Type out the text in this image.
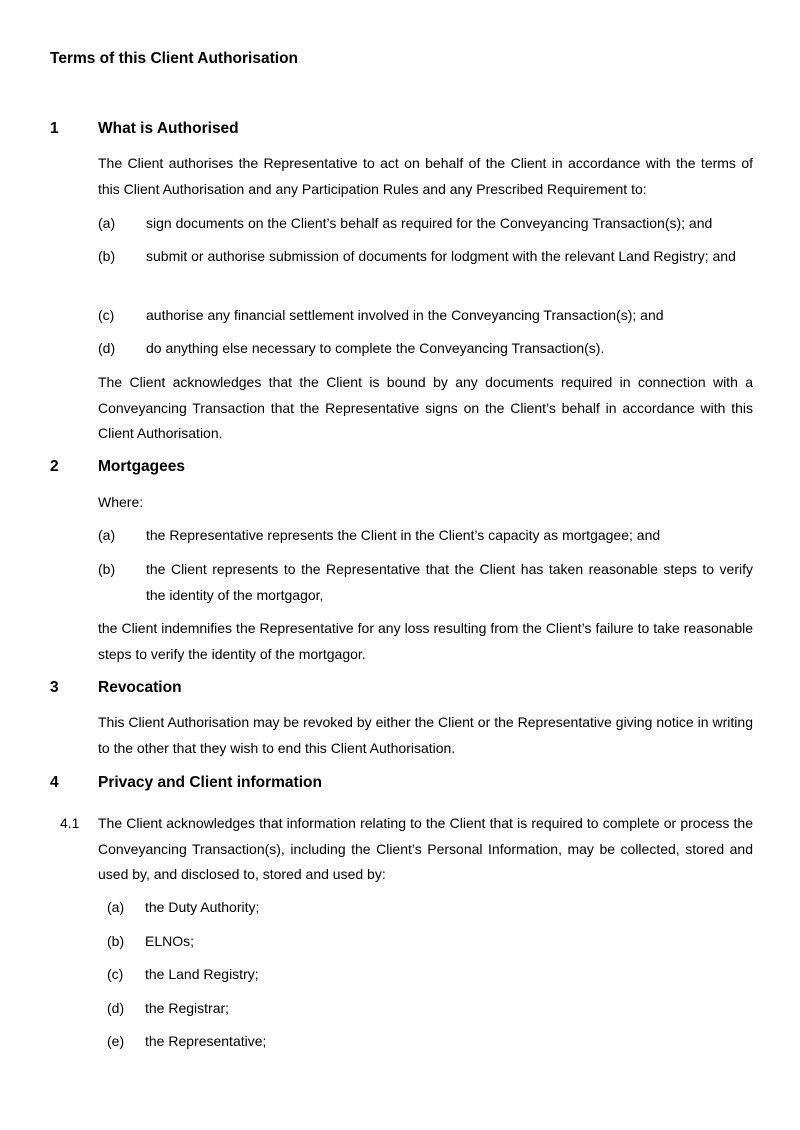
Terms of this Client Authorisation
1	What is Authorised
The Client authorises the Representative to act on behalf of the Client in accordance with the terms of this Client Authorisation and any Participation Rules and any Prescribed Requirement to:
(a) sign documents on the Client’s behalf as required for the Conveyancing Transaction(s); and
(b) submit or authorise submission of documents for lodgment with the relevant Land Registry; and
(c) authorise any financial settlement involved in the Conveyancing Transaction(s); and
(d) do anything else necessary to complete the Conveyancing Transaction(s).
The Client acknowledges that the Client is bound by any documents required in connection with a Conveyancing Transaction that the Representative signs on the Client’s behalf in accordance with this Client Authorisation.
2	Mortgagees
Where:
(a) the Representative represents the Client in the Client’s capacity as mortgagee; and
(b) the Client represents to the Representative that the Client has taken reasonable steps to verify the identity of the mortgagor,
the Client indemnifies the Representative for any loss resulting from the Client’s failure to take reasonable steps to verify the identity of the mortgagor.
3	Revocation
This Client Authorisation may be revoked by either the Client or the Representative giving notice in writing to the other that they wish to end this Client Authorisation.
4	Privacy and Client information
4.1 The Client acknowledges that information relating to the Client that is required to complete or process the Conveyancing Transaction(s), including the Client’s Personal Information, may be collected, stored and used by, and disclosed to, stored and used by:
(a) the Duty Authority;
(b) ELNOs;
(c) the Land Registry;
(d) the Registrar;
(e) the Representative;
